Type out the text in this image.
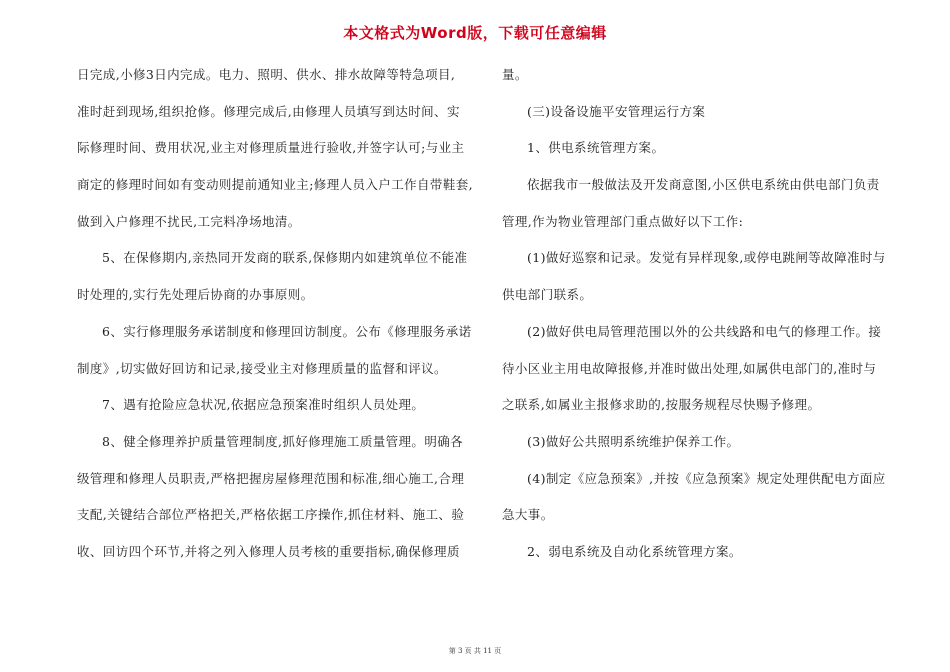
本文格式为Word版，下载可任意编辑
日完成,小修3日内完成。电力、照明、供水、排水故障等特急项目,
准时赶到现场,组织抢修。修理完成后,由修理人员填写到达时间、实
际修理时间、费用状况,业主对修理质量进行验收,并签字认可;与业主
商定的修理时间如有变动则提前通知业主;修理人员入户工作自带鞋套,
做到入户修理不扰民,工完料净场地清。
5、在保修期内,亲热同开发商的联系,保修期内如建筑单位不能准
时处理的,实行先处理后协商的办事原则。
6、实行修理服务承诺制度和修理回访制度。公布《修理服务承诺
制度》,切实做好回访和记录,接受业主对修理质量的监督和评议。
7、遇有抢险应急状况,依据应急预案准时组织人员处理。
8、健全修理养护质量管理制度,抓好修理施工质量管理。明确各
级管理和修理人员职责,严格把握房屋修理范围和标准,细心施工,合理
支配,关键结合部位严格把关,严格依据工序操作,抓住材料、施工、验
收、回访四个环节,并将之列入修理人员考核的重要指标,确保修理质
量。
(三)设备设施平安管理运行方案
1、供电系统管理方案。
依据我市一般做法及开发商意图,小区供电系统由供电部门负责
管理,作为物业管理部门重点做好以下工作:
(1)做好巡察和记录。发觉有异样现象,或停电跳闸等故障准时与
供电部门联系。
(2)做好供电局管理范围以外的公共线路和电气的修理工作。接
待小区业主用电故障报修,并准时做出处理,如属供电部门的,准时与
之联系,如属业主报修求助的,按服务规程尽快赐予修理。
(3)做好公共照明系统维护保养工作。
(4)制定《应急预案》,并按《应急预案》规定处理供配电方面应
急大事。
2、弱电系统及自动化系统管理方案。
第 3 页 共 11 页
